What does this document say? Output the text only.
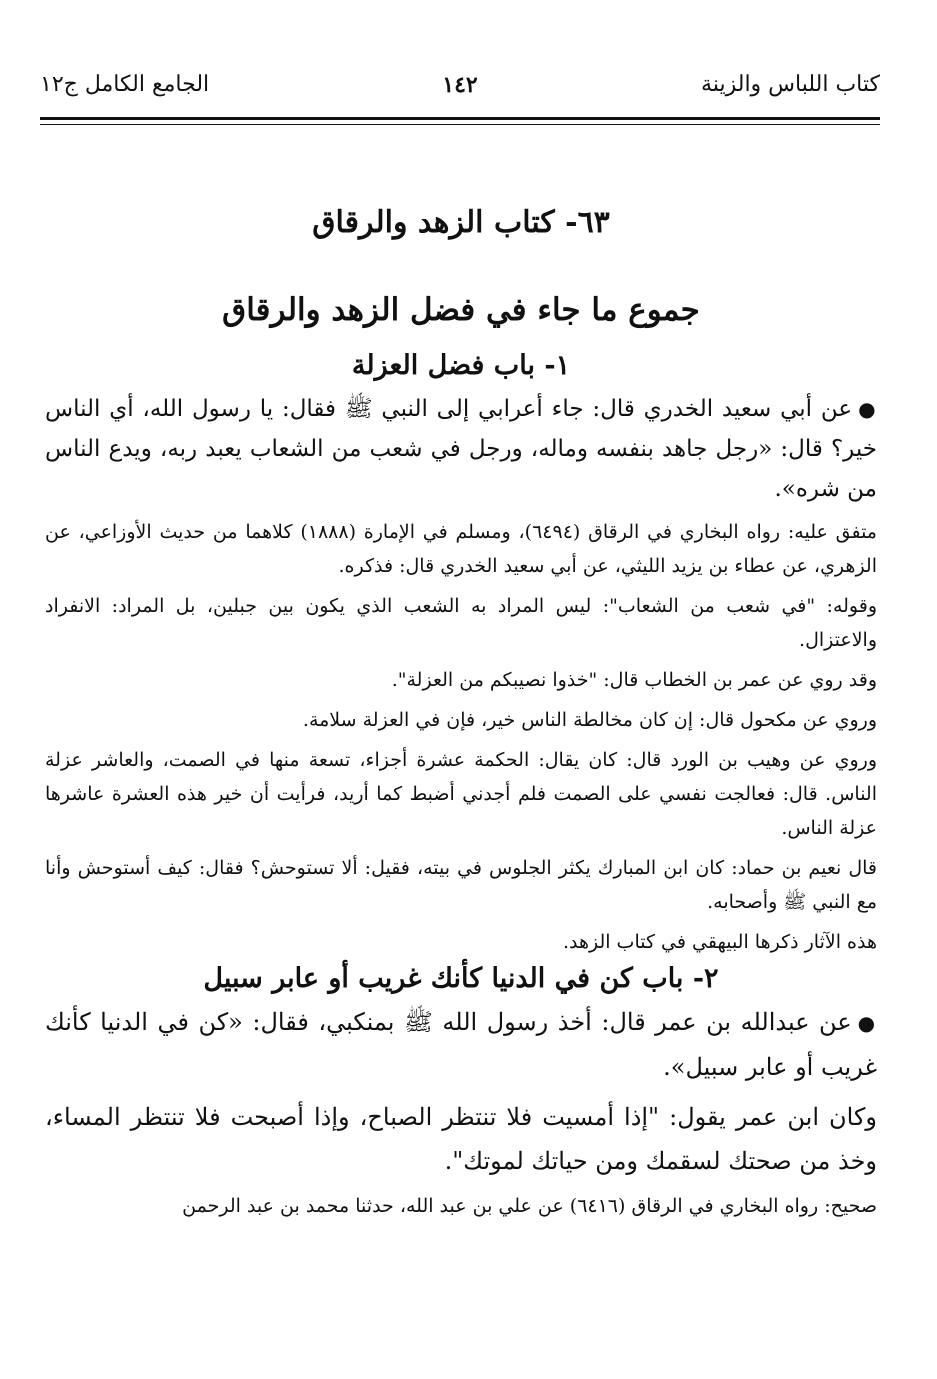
كتاب اللباس والزينة
١٤٢
الجامع الكامل ج١٢
٦٣- كتاب الزهد والرقاق
جموع ما جاء في فضل الزهد والرقاق
١- باب فضل العزلة

●عن أبي سعيد الخدري قال: جاء أعرابي إلى النبي ﷺ فقال: يا رسول الله، أي الناس خير؟ قال: «رجل جاهد بنفسه وماله، ورجل في شعب من الشعاب يعبد ربه، ويدع الناس من شره».

متفق عليه: رواه البخاري في الرقاق (٦٤٩٤)، ومسلم في الإمارة (١٨٨٨) كلاهما من حديث الأوزاعي، عن الزهري، عن عطاء بن يزيد الليثي، عن أبي سعيد الخدري قال: فذكره.

وقوله: "في شعب من الشعاب": ليس المراد به الشعب الذي يكون بين جبلين، بل المراد: الانفراد والاعتزال.

وقد روي عن عمر بن الخطاب قال: "خذوا نصيبكم من العزلة".

وروي عن مكحول قال: إن كان مخالطة الناس خير، فإن في العزلة سلامة.

وروي عن وهيب بن الورد قال: كان يقال: الحكمة عشرة أجزاء، تسعة منها في الصمت، والعاشر عزلة الناس. قال: فعالجت نفسي على الصمت فلم أجدني أضبط كما أريد، فرأيت أن خير هذه العشرة عاشرها عزلة الناس.

قال نعيم بن حماد: كان ابن المبارك يكثر الجلوس في بيته، فقيل: ألا تستوحش؟ فقال: كيف أستوحش وأنا مع النبي ﷺ وأصحابه.

هذه الآثار ذكرها البيهقي في كتاب الزهد.

٢- باب كن في الدنيا كأنك غريب أو عابر سبيل

●عن عبدالله بن عمر قال: أخذ رسول الله ﷺ بمنكبي، فقال: «كن في الدنيا كأنك غريب أو عابر سبيل».

وكان ابن عمر يقول: "إذا أمسيت فلا تنتظر الصباح، وإذا أصبحت فلا تنتظر المساء، وخذ من صحتك لسقمك ومن حياتك لموتك".

صحيح: رواه البخاري في الرقاق (٦٤١٦) عن علي بن عبد الله، حدثنا محمد بن عبد الرحمن
